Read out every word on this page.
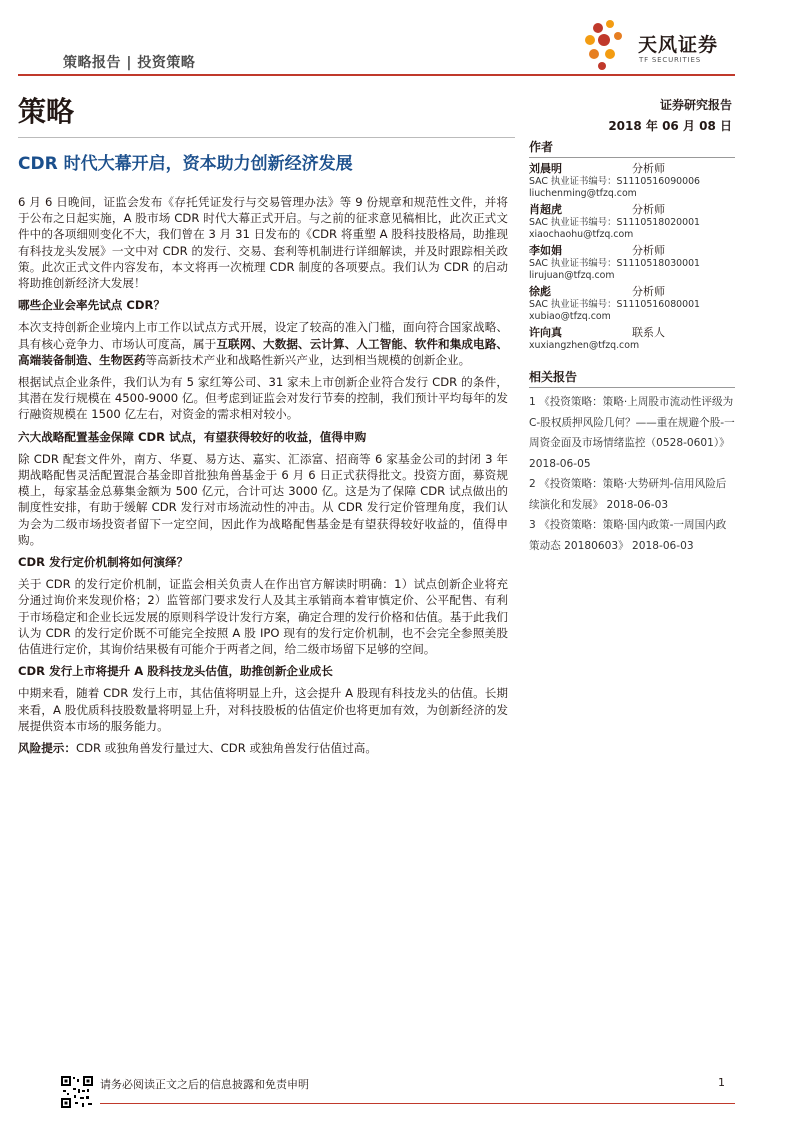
策略报告 | 投资策略
天风证券
TF SECURITIES
策略	证券研究报告
2018 年 06 月 08 日
CDR 时代大幕开启，资本助力创新经济发展

6 月 6 日晚间，证监会发布《存托凭证发行与交易管理办法》等 9 份规章和规范性文件，并将于公布之日起实施，A 股市场 CDR 时代大幕正式开启。与之前的征求意见稿相比，此次正式文件中的各项细则变化不大，我们曾在 3 月 31 日发布的《CDR 将重塑 A 股科技股格局，助推现有科技龙头发展》一文中对 CDR 的发行、交易、套利等机制进行详细解读，并及时跟踪相关政策。此次正式文件内容发布，本文将再一次梳理 CDR 制度的各项要点。我们认为 CDR 的启动将助推创新经济大发展！

哪些企业会率先试点 CDR？

本次支持创新企业境内上市工作以试点方式开展，设定了较高的准入门槛，面向符合国家战略、具有核心竞争力、市场认可度高，属于互联网、大数据、云计算、人工智能、软件和集成电路、高端装备制造、生物医药等高新技术产业和战略性新兴产业，达到相当规模的创新企业。

根据试点企业条件，我们认为有 5 家红筹公司、31 家未上市创新企业符合发行 CDR 的条件，其潜在发行规模在 4500-9000 亿。但考虑到证监会对发行节奏的控制，我们预计平均每年的发行融资规模在 1500 亿左右，对资金的需求相对较小。

六大战略配置基金保障 CDR 试点，有望获得较好的收益，值得申购

除 CDR 配套文件外，南方、华夏、易方达、嘉实、汇添富、招商等 6 家基金公司的封闭 3 年期战略配售灵活配置混合基金即首批独角兽基金于 6 月 6 日正式获得批文。投资方面，募资规模上，每家基金总募集金额为 500 亿元，合计可达 3000 亿。这是为了保障 CDR 试点做出的制度性安排，有助于缓解 CDR 发行对市场流动性的冲击。从 CDR 发行定价管理角度，我们认为会为二级市场投资者留下一定空间，因此作为战略配售基金是有望获得较好收益的，值得申购。

CDR 发行定价机制将如何演绎？

关于 CDR 的发行定价机制，证监会相关负责人在作出官方解读时明确：1）试点创新企业将充分通过询价来发现价格；2）监管部门要求发行人及其主承销商本着审慎定价、公平配售、有利于市场稳定和企业长远发展的原则科学设计发行方案，确定合理的发行价格和估值。基于此我们认为 CDR 的发行定价既不可能完全按照 A 股 IPO 现有的发行定价机制，也不会完全参照美股估值进行定价，其询价结果极有可能介于两者之间，给二级市场留下足够的空间。

CDR 发行上市将提升 A 股科技龙头估值，助推创新企业成长

中期来看，随着 CDR 发行上市，其估值将明显上升，这会提升 A 股现有科技龙头的估值。长期来看，A 股优质科技股数量将明显上升，对科技股板的估值定价也将更加有效，为创新经济的发展提供资本市场的服务能力。

风险提示：CDR 或独角兽发行量过大、CDR 或独角兽发行估值过高。

作者
刘晨明	分析师
SAC 执业证书编号：S1110516090006
liuchenming@tfzq.com
肖超虎	分析师
SAC 执业证书编号：S1110518020001
xiaochaohu@tfzq.com
李如娟	分析师
SAC 执业证书编号：S1110518030001
lirujuan@tfzq.com
徐彪	分析师
SAC 执业证书编号：S1110516080001
xubiao@tfzq.com
许向真	联系人
xuxiangzhen@tfzq.com
相关报告
1 《投资策略：策略·上周股市流动性评级为 C-股权质押风险几何？——重在规避个股-一周资金面及市场情绪监控（0528-0601）》 2018-06-05
2 《投资策略：策略·大势研判-信用风险后续演化和发展》 2018-06-03
3 《投资策略：策略·国内政策-一周国内政策动态 20180603》 2018-06-03
请务必阅读正文之后的信息披露和免责申明	1
